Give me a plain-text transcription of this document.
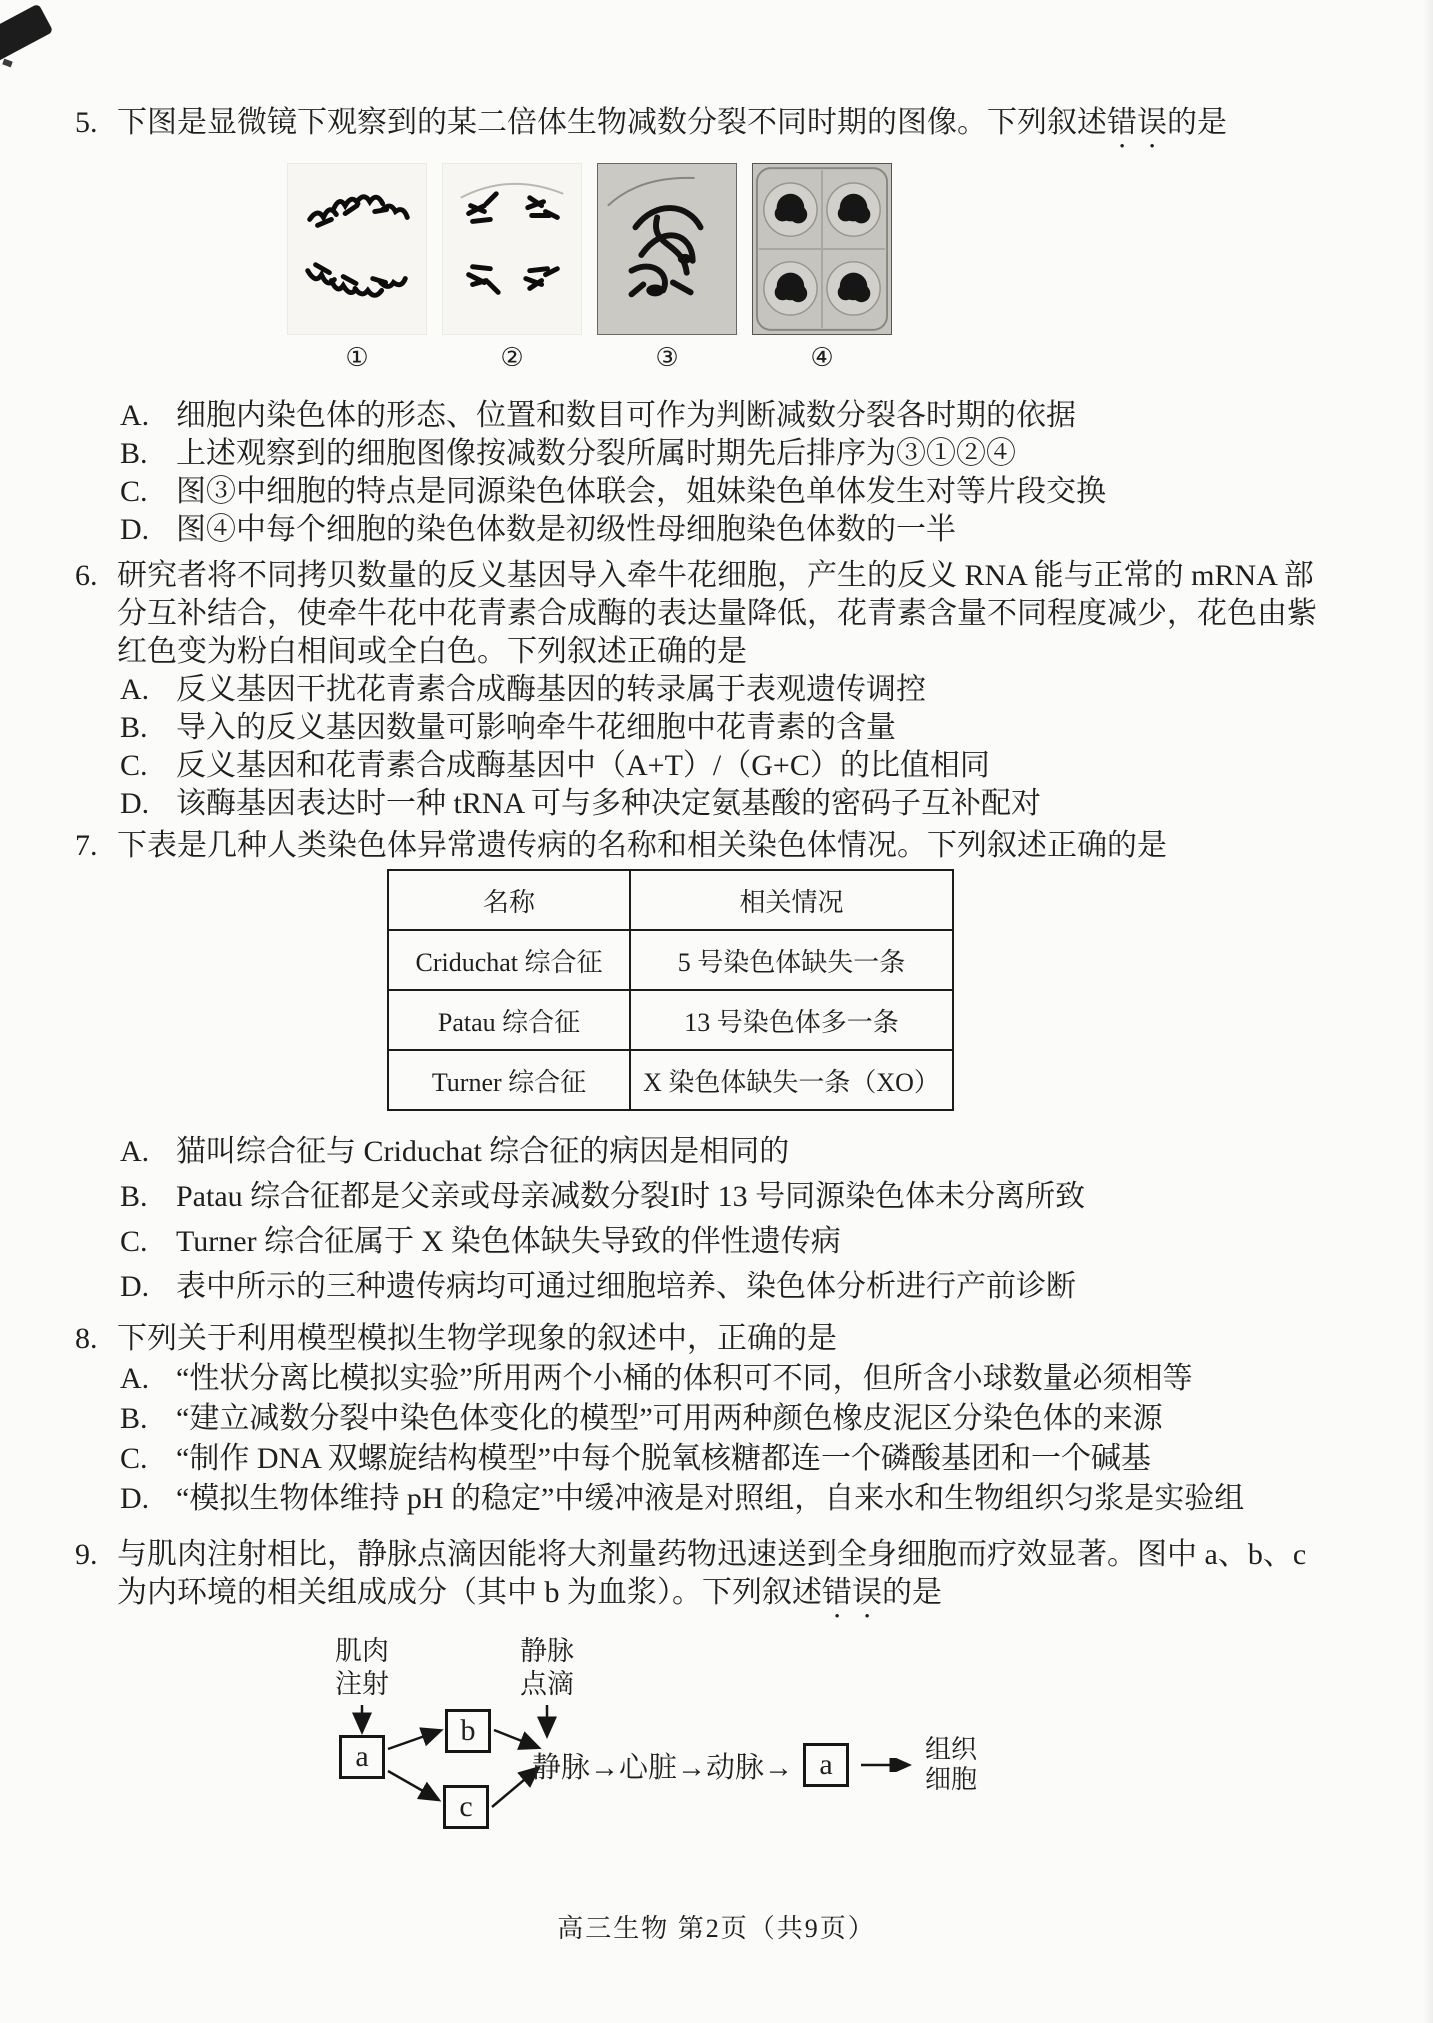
5. 下图是显微镜下观察到的某二倍体生物减数分裂不同时期的图像。下列叙述错误的是

①	②	③	④
A. 细胞内染色体的形态、位置和数目可作为判断减数分裂各时期的依据
B. 上述观察到的细胞图像按减数分裂所属时期先后排序为③①②④
C. 图③中细胞的特点是同源染色体联会，姐妹染色单体发生对等片段交换
D. 图④中每个细胞的染色体数是初级性母细胞染色体数的一半
6. 研究者将不同拷贝数量的反义基因导入牵牛花细胞，产生的反义 RNA 能与正常的 mRNA 部分互补结合，使牵牛花中花青素合成酶的表达量降低，花青素含量不同程度减少，花色由紫红色变为粉白相间或全白色。下列叙述正确的是

A. 反义基因干扰花青素合成酶基因的转录属于表观遗传调控
B. 导入的反义基因数量可影响牵牛花细胞中花青素的含量
C. 反义基因和花青素合成酶基因中（A+T）/（G+C）的比值相同
D. 该酶基因表达时一种 tRNA 可与多种决定氨基酸的密码子互补配对
7. 下表是几种人类染色体异常遗传病的名称和相关染色体情况。下列叙述正确的是

名称	相关情况
Criduchat 综合征	5 号染色体缺失一条
Patau 综合征	13 号染色体多一条
Turner 综合征	X 染色体缺失一条（XO）
A. 猫叫综合征与 Criduchat 综合征的病因是相同的
B. Patau 综合征都是父亲或母亲减数分裂I时 13 号同源染色体未分离所致
C. Turner 综合征属于 X 染色体缺失导致的伴性遗传病
D. 表中所示的三种遗传病均可通过细胞培养、染色体分析进行产前诊断
8. 下列关于利用模型模拟生物学现象的叙述中，正确的是

A. “性状分离比模拟实验”所用两个小桶的体积可不同，但所含小球数量必须相等
B. “建立减数分裂中染色体变化的模型”可用两种颜色橡皮泥区分染色体的来源
C. “制作 DNA 双螺旋结构模型”中每个脱氧核糖都连一个磷酸基团和一个碱基
D. “模拟生物体维持 pH 的稳定”中缓冲液是对照组，自来水和生物组织匀浆是实验组
9. 与肌肉注射相比，静脉点滴因能将大剂量药物迅速送到全身细胞而疗效显著。图中 a、b、c 为内环境的相关组成成分（其中 b 为血浆）。下列叙述错误的是

肌肉
注射
静脉
点滴
a
b
c
静脉→心脏→动脉→ a	组织
细胞
高三生物 第2页（共9页）
